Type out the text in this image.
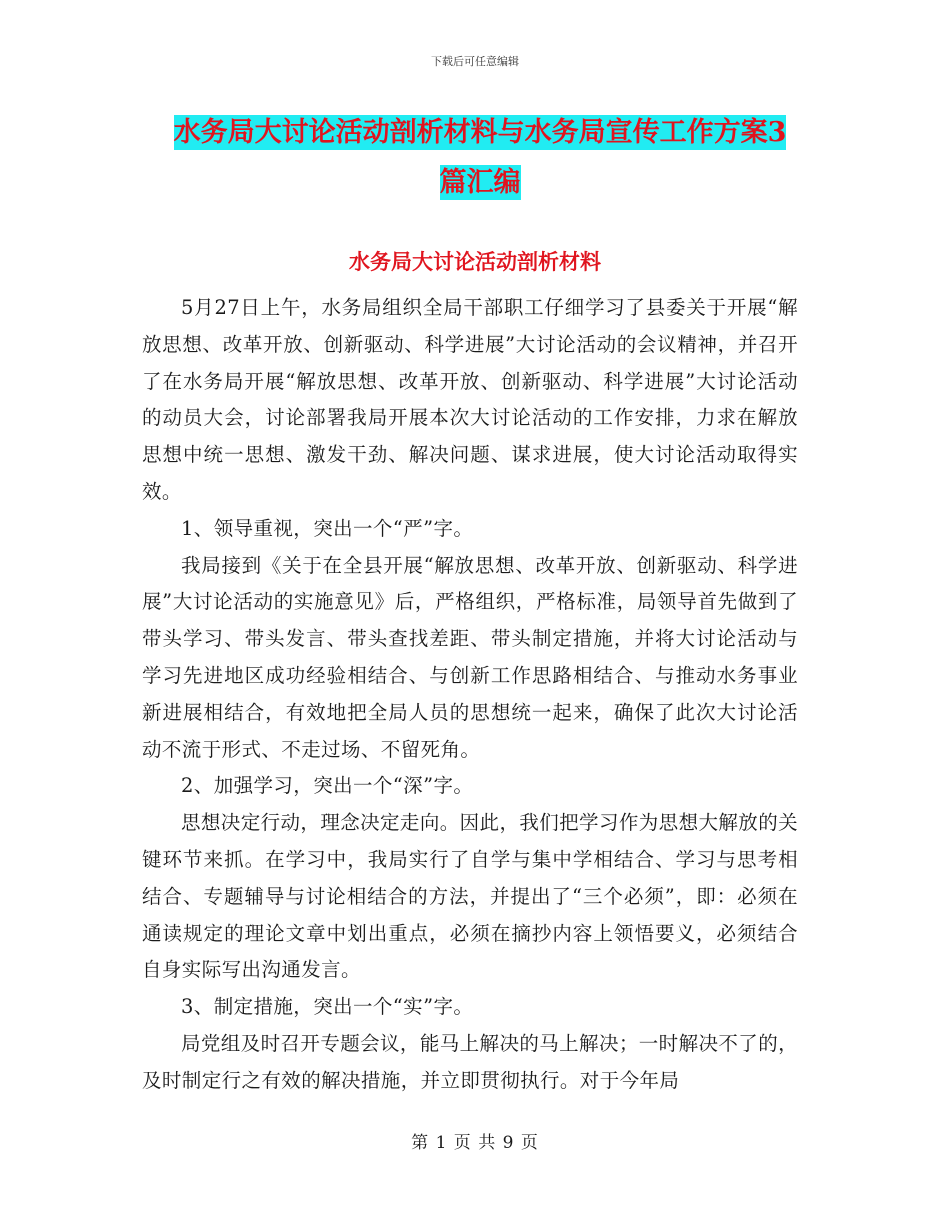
下载后可任意编辑
水务局大讨论活动剖析材料与水务局宣传工作方案3
篇汇编
水务局大讨论活动剖析材料

5月27日上午，水务局组织全局干部职工仔细学习了县委关于开展“解放思想、改革开放、创新驱动、科学进展”大讨论活动的会议精神，并召开了在水务局开展“解放思想、改革开放、创新驱动、科学进展”大讨论活动的动员大会，讨论部署我局开展本次大讨论活动的工作安排，力求在解放思想中统一思想、激发干劲、解决问题、谋求进展，使大讨论活动取得实效。

1、领导重视，突出一个“严”字。

我局接到《关于在全县开展“解放思想、改革开放、创新驱动、科学进展”大讨论活动的实施意见》后，严格组织，严格标准，局领导首先做到了带头学习、带头发言、带头查找差距、带头制定措施，并将大讨论活动与学习先进地区成功经验相结合、与创新工作思路相结合、与推动水务事业新进展相结合，有效地把全局人员的思想统一起来，确保了此次大讨论活动不流于形式、不走过场、不留死角。

2、加强学习，突出一个“深”字。

思想决定行动，理念决定走向。因此，我们把学习作为思想大解放的关键环节来抓。在学习中，我局实行了自学与集中学相结合、学习与思考相结合、专题辅导与讨论相结合的方法，并提出了“三个必须”，即：必须在通读规定的理论文章中划出重点，必须在摘抄内容上领悟要义，必须结合自身实际写出沟通发言。

3、制定措施，突出一个“实”字。

局党组及时召开专题会议，能马上解决的马上解决；一时解决不了的，及时制定行之有效的解决措施，并立即贯彻执行。对于今年局

第 1 页 共 9 页
